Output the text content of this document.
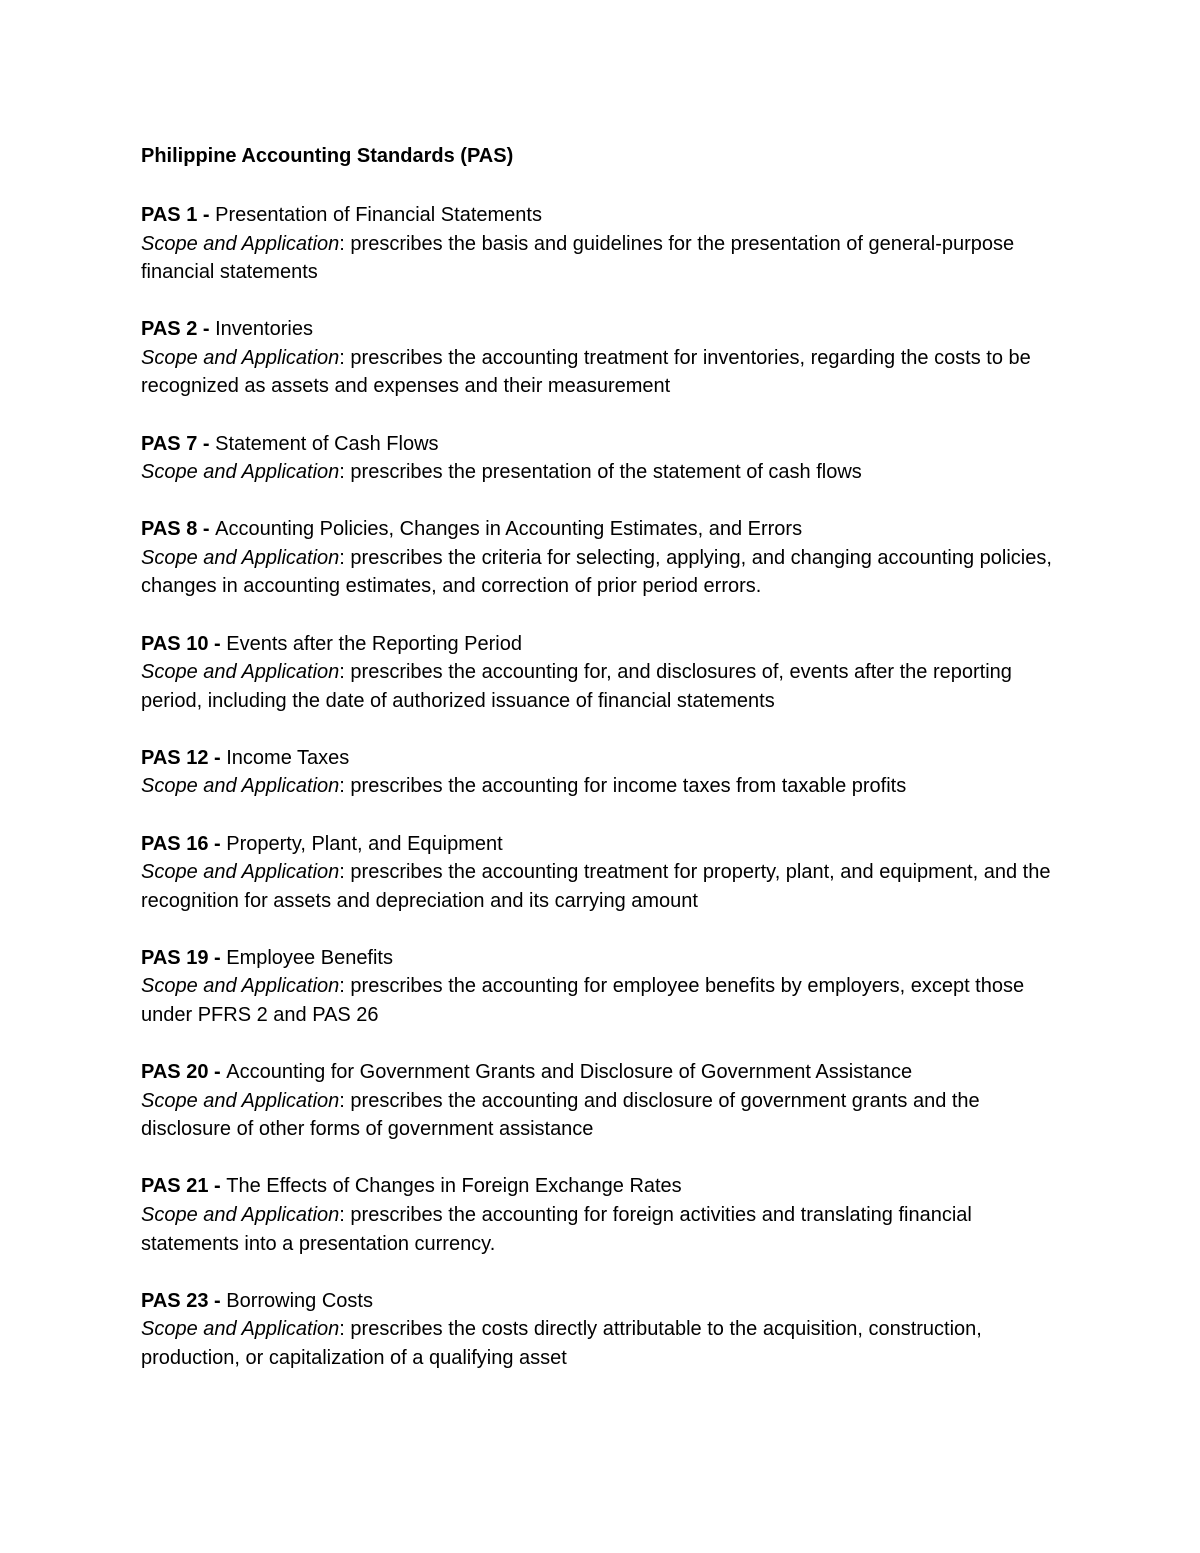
Philippine Accounting Standards (PAS)
PAS 1 - Presentation of Financial Statements
Scope and Application: prescribes the basis and guidelines for the presentation of general-purpose financial statements
PAS 2 - Inventories
Scope and Application: prescribes the accounting treatment for inventories, regarding the costs to be recognized as assets and expenses and their measurement
PAS 7 - Statement of Cash Flows
Scope and Application: prescribes the presentation of the statement of cash flows
PAS 8 - Accounting Policies, Changes in Accounting Estimates, and Errors
Scope and Application: prescribes the criteria for selecting, applying, and changing accounting policies, changes in accounting estimates, and correction of prior period errors.
PAS 10 - Events after the Reporting Period
Scope and Application: prescribes the accounting for, and disclosures of, events after the reporting period, including the date of authorized issuance of financial statements
PAS 12 - Income Taxes
Scope and Application: prescribes the accounting for income taxes from taxable profits
PAS 16 - Property, Plant, and Equipment
Scope and Application: prescribes the accounting treatment for property, plant, and equipment, and the recognition for assets and depreciation and its carrying amount
PAS 19 - Employee Benefits
Scope and Application: prescribes the accounting for employee benefits by employers, except those under PFRS 2 and PAS 26
PAS 20 - Accounting for Government Grants and Disclosure of Government Assistance
Scope and Application: prescribes the accounting and disclosure of government grants and the disclosure of other forms of government assistance
PAS 21 - The Effects of Changes in Foreign Exchange Rates
Scope and Application: prescribes the accounting for foreign activities and translating financial statements into a presentation currency.
PAS 23 - Borrowing Costs
Scope and Application: prescribes the costs directly attributable to the acquisition, construction, production, or capitalization of a qualifying asset
